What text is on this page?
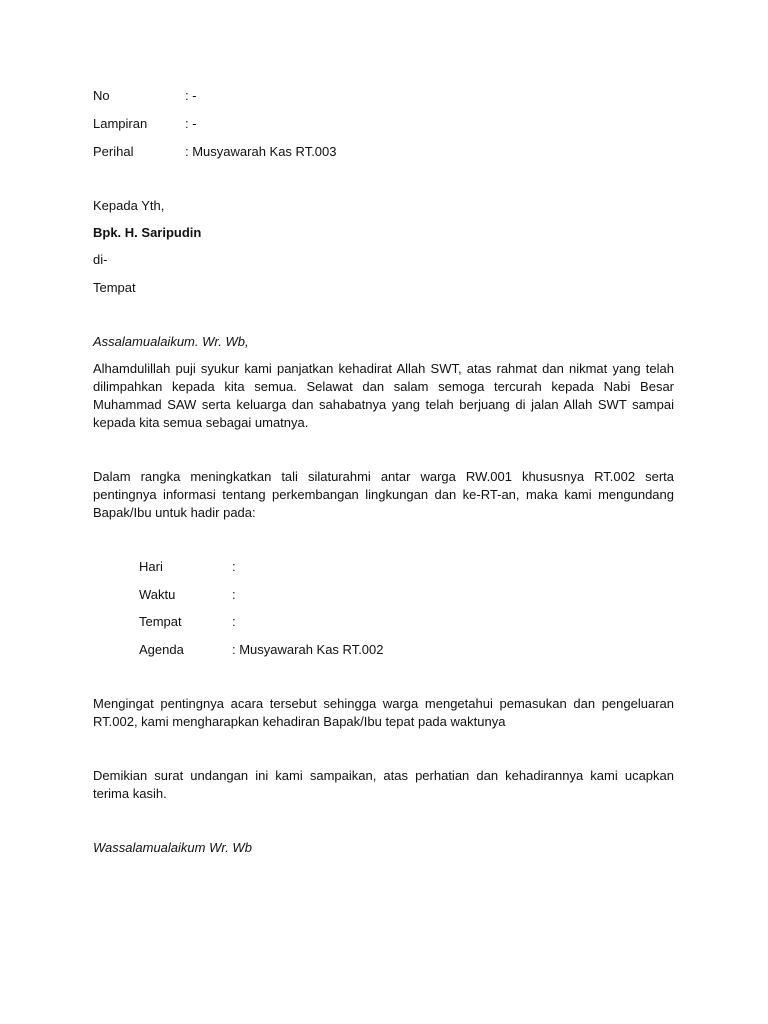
No	: -
Lampiran	: -
Perihal	: Musyawarah Kas RT.003
Kepada Yth,
Bpk. H. Saripudin
di-
Tempat
Assalamualaikum. Wr. Wb,
Alhamdulillah puji syukur kami panjatkan kehadirat Allah SWT, atas rahmat dan nikmat yang telah dilimpahkan kepada kita semua. Selawat dan salam semoga tercurah kepada Nabi Besar Muhammad SAW serta keluarga dan sahabatnya yang telah berjuang di jalan Allah SWT sampai kepada kita semua sebagai umatnya.
Dalam rangka meningkatkan tali silaturahmi antar warga RW.001 khususnya RT.002 serta pentingnya informasi tentang perkembangan lingkungan dan ke-RT-an, maka kami mengundang Bapak/Ibu untuk hadir pada:
Hari	:
Waktu	:
Tempat	:
Agenda	: Musyawarah Kas RT.002
Mengingat pentingnya acara tersebut sehingga warga mengetahui pemasukan dan pengeluaran RT.002, kami mengharapkan kehadiran Bapak/Ibu tepat pada waktunya
Demikian surat undangan ini kami sampaikan, atas perhatian dan kehadirannya kami ucapkan terima kasih.
Wassalamualaikum Wr. Wb
